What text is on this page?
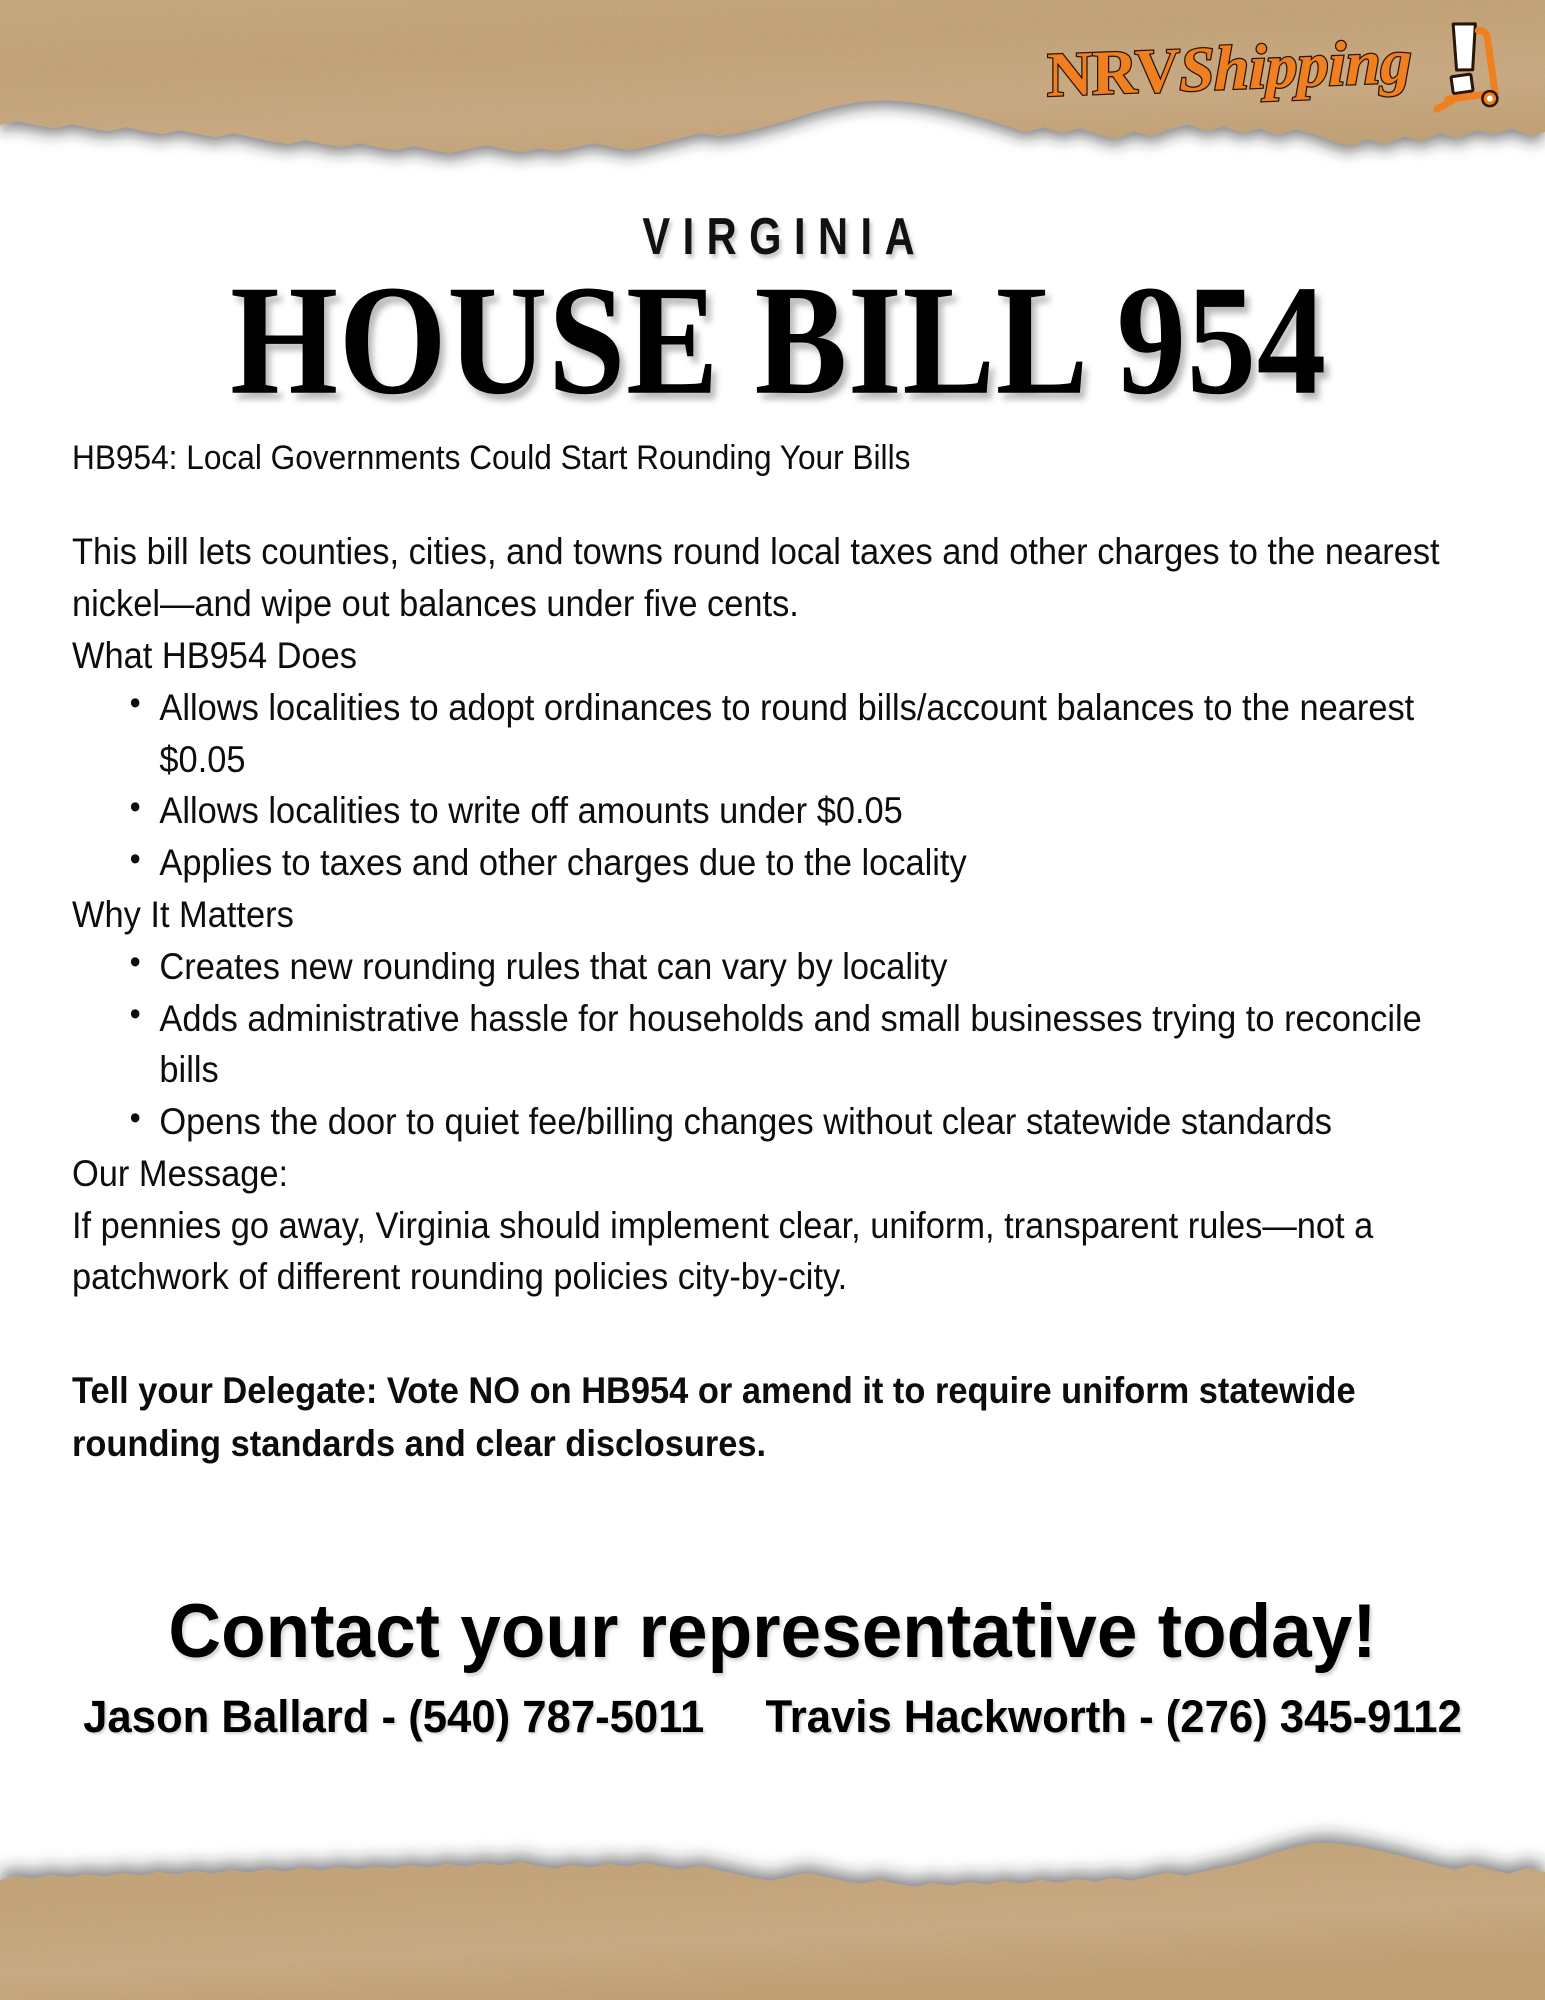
VIRGINIA
HOUSE BILL 954

HB954: Local Governments Could Start Rounding Your Bills

This bill lets counties, cities, and towns round local taxes and other charges to the nearest nickel—and wipe out balances under five cents.

What HB954 Does

• Allows localities to adopt ordinances to round bills/account balances to the nearest $0.05
• Allows localities to write off amounts under $0.05
• Applies to taxes and other charges due to the locality

Why It Matters

• Creates new rounding rules that can vary by locality
• Adds administrative hassle for households and small businesses trying to reconcile bills
• Opens the door to quiet fee/billing changes without clear statewide standards

Our Message:

If pennies go away, Virginia should implement clear, uniform, transparent rules—not a patchwork of different rounding policies city-by-city.

Tell your Delegate: Vote NO on HB954 or amend it to require uniform statewide rounding standards and clear disclosures.

Contact your representative today!
Jason Ballard - (540) 787-5011 Travis Hackworth - (276) 345-9112
NRVShipping
